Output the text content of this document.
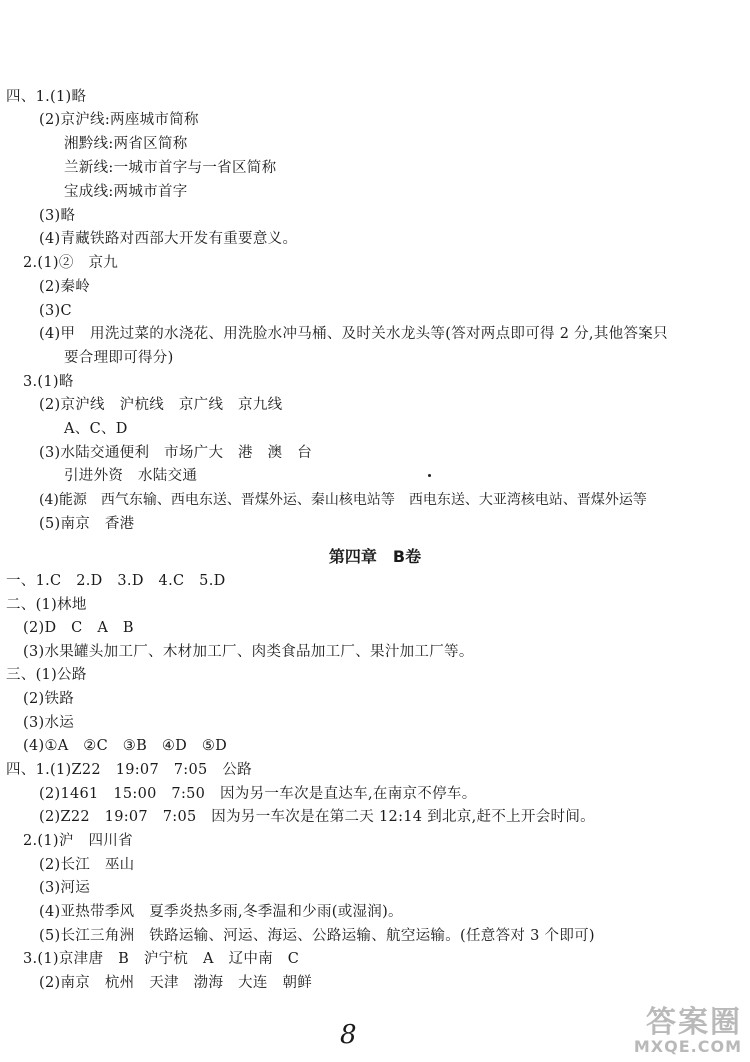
四、1.(1)略
(2)京沪线:两座城市简称
湘黔线:两省区简称
兰新线:一城市首字与一省区简称
宝成线:两城市首字
(3)略
(4)青藏铁路对西部大开发有重要意义。
2.(1)②　京九
(2)秦岭
(3)C
(4)甲　用洗过菜的水浇花、用洗脸水冲马桶、及时关水龙头等(答对两点即可得 2 分,其他答案只
要合理即可得分)
3.(1)略
(2)京沪线　沪杭线　京广线　京九线
A、C、D
(3)水陆交通便利　市场广大　港　澳　台
引进外资　水陆交通
(4)能源　西气东输、西电东送、晋煤外运、秦山核电站等　西电东送、大亚湾核电站、晋煤外运等
(5)南京　香港
第四章　B卷
一、1.C　2.D　3.D　4.C　5.D
二、(1)林地
(2)D　C　A　B
(3)水果罐头加工厂、木材加工厂、肉类食品加工厂、果汁加工厂等。
三、(1)公路
(2)铁路
(3)水运
(4)①A　②C　③B　④D　⑤D
四、1.(1)Z22　19:07　7:05　公路
(2)1461　15:00　7:50　因为另一车次是直达车,在南京不停车。
(2)Z22　19:07　7:05　因为另一车次是在第二天 12:14 到北京,赶不上开会时间。
2.(1)沪　四川省
(2)长江　巫山
(3)河运
(4)亚热带季风　夏季炎热多雨,冬季温和少雨(或湿润)。
(5)长江三角洲　铁路运输、河运、海运、公路运输、航空运输。(任意答对 3 个即可)
3.(1)京津唐　B　沪宁杭　A　辽中南　C
(2)南京　杭州　天津　渤海　大连　朝鲜
8	答案圈
MXQE.COM
